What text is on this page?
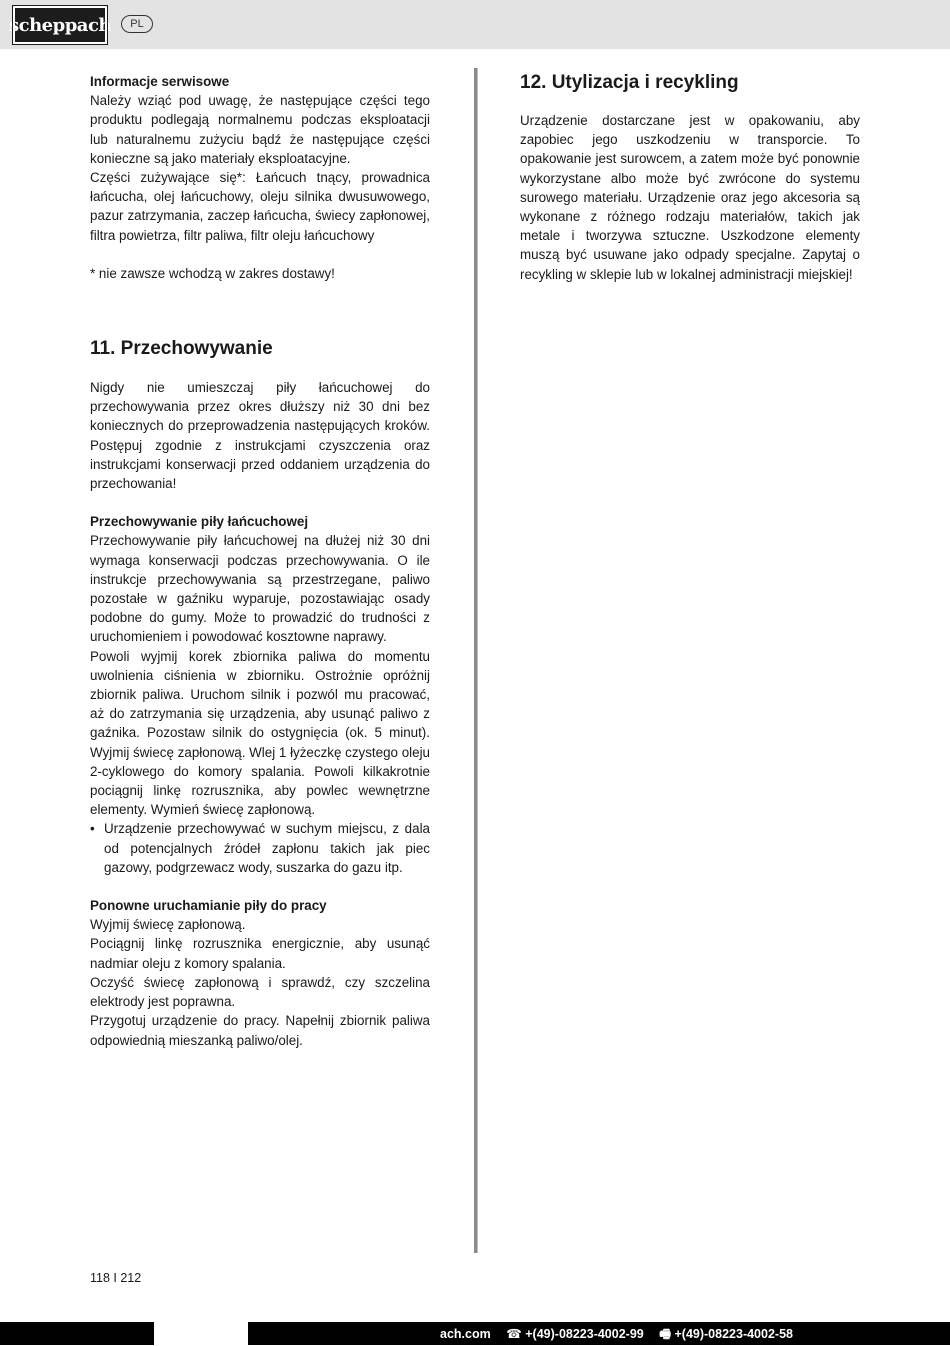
scheppach	PL
Informacje serwisowe

Należy wziąć pod uwagę, że następujące części tego produktu podlegają normalnemu podczas eksploatacji lub naturalnemu zużyciu bądź że następujące części konieczne są jako materiały eksploatacyjne.

Części zużywające się*: Łańcuch tnący, prowadnica łańcucha, olej łańcuchowy, oleju silnika dwusuwowego, pazur zatrzymania, zaczep łańcucha, świecy zapłonowej, filtra powietrza, filtr paliwa, filtr oleju łańcuchowy

* nie zawsze wchodzą w zakres dostawy!

11. Przechowywanie

Nigdy nie umieszczaj piły łańcuchowej do przechowywania przez okres dłuższy niż 30 dni bez koniecznych do przeprowadzenia następujących kroków. Postępuj zgodnie z instrukcjami czyszczenia oraz instrukcjami konserwacji przed oddaniem urządzenia do przechowania!

Przechowywanie piły łańcuchowej

Przechowywanie piły łańcuchowej na dłużej niż 30 dni wymaga konserwacji podczas przechowywania. O ile instrukcje przechowywania są przestrzegane, paliwo pozostałe w gaźniku wyparuje, pozostawiając osady podobne do gumy. Może to prowadzić do trudności z uruchomieniem i powodować kosztowne naprawy.

Powoli wyjmij korek zbiornika paliwa do momentu uwolnienia ciśnienia w zbiorniku. Ostrożnie opróżnij zbiornik paliwa. Uruchom silnik i pozwól mu pracować, aż do zatrzymania się urządzenia, aby usunąć paliwo z gaźnika. Pozostaw silnik do ostygnięcia (ok. 5 minut). Wyjmij świecę zapłonową. Wlej 1 łyżeczkę czystego oleju 2-cyklowego do komory spalania. Powoli kilkakrotnie pociągnij linkę rozrusznika, aby powlec wewnętrzne elementy. Wymień świecę zapłonową.

• Urządzenie przechowywać w suchym miejscu, z dala od potencjalnych źródeł zapłonu takich jak piec gazowy, podgrzewacz wody, suszarka do gazu itp.
Ponowne uruchamianie piły do pracy

Wyjmij świecę zapłonową.

Pociągnij linkę rozrusznika energicznie, aby usunąć nadmiar oleju z komory spalania.

Oczyść świecę zapłonową i sprawdź, czy szczelina elektrody jest poprawna.

Przygotuj urządzenie do pracy. Napełnij zbiornik paliwa odpowiednią mieszanką paliwo/olej.

12. Utylizacja i recykling

Urządzenie dostarczane jest w opakowaniu, aby zapobiec jego uszkodzeniu w transporcie. To opakowanie jest surowcem, a zatem może być ponownie wykorzystane albo może być zwrócone do systemu surowego materiału. Urządzenie oraz jego akcesoria są wykonane z różnego rodzaju materiałów, takich jak metale i tworzywa sztuczne. Uszkodzone elementy muszą być usuwane jako odpady specjalne. Zapytaj o recykling w sklepie lub w lokalnej administracji miejskiej!

118 I 212
ach.com ☎ +(49)-08223-4002-99 🖷 +(49)-08223-4002-58
